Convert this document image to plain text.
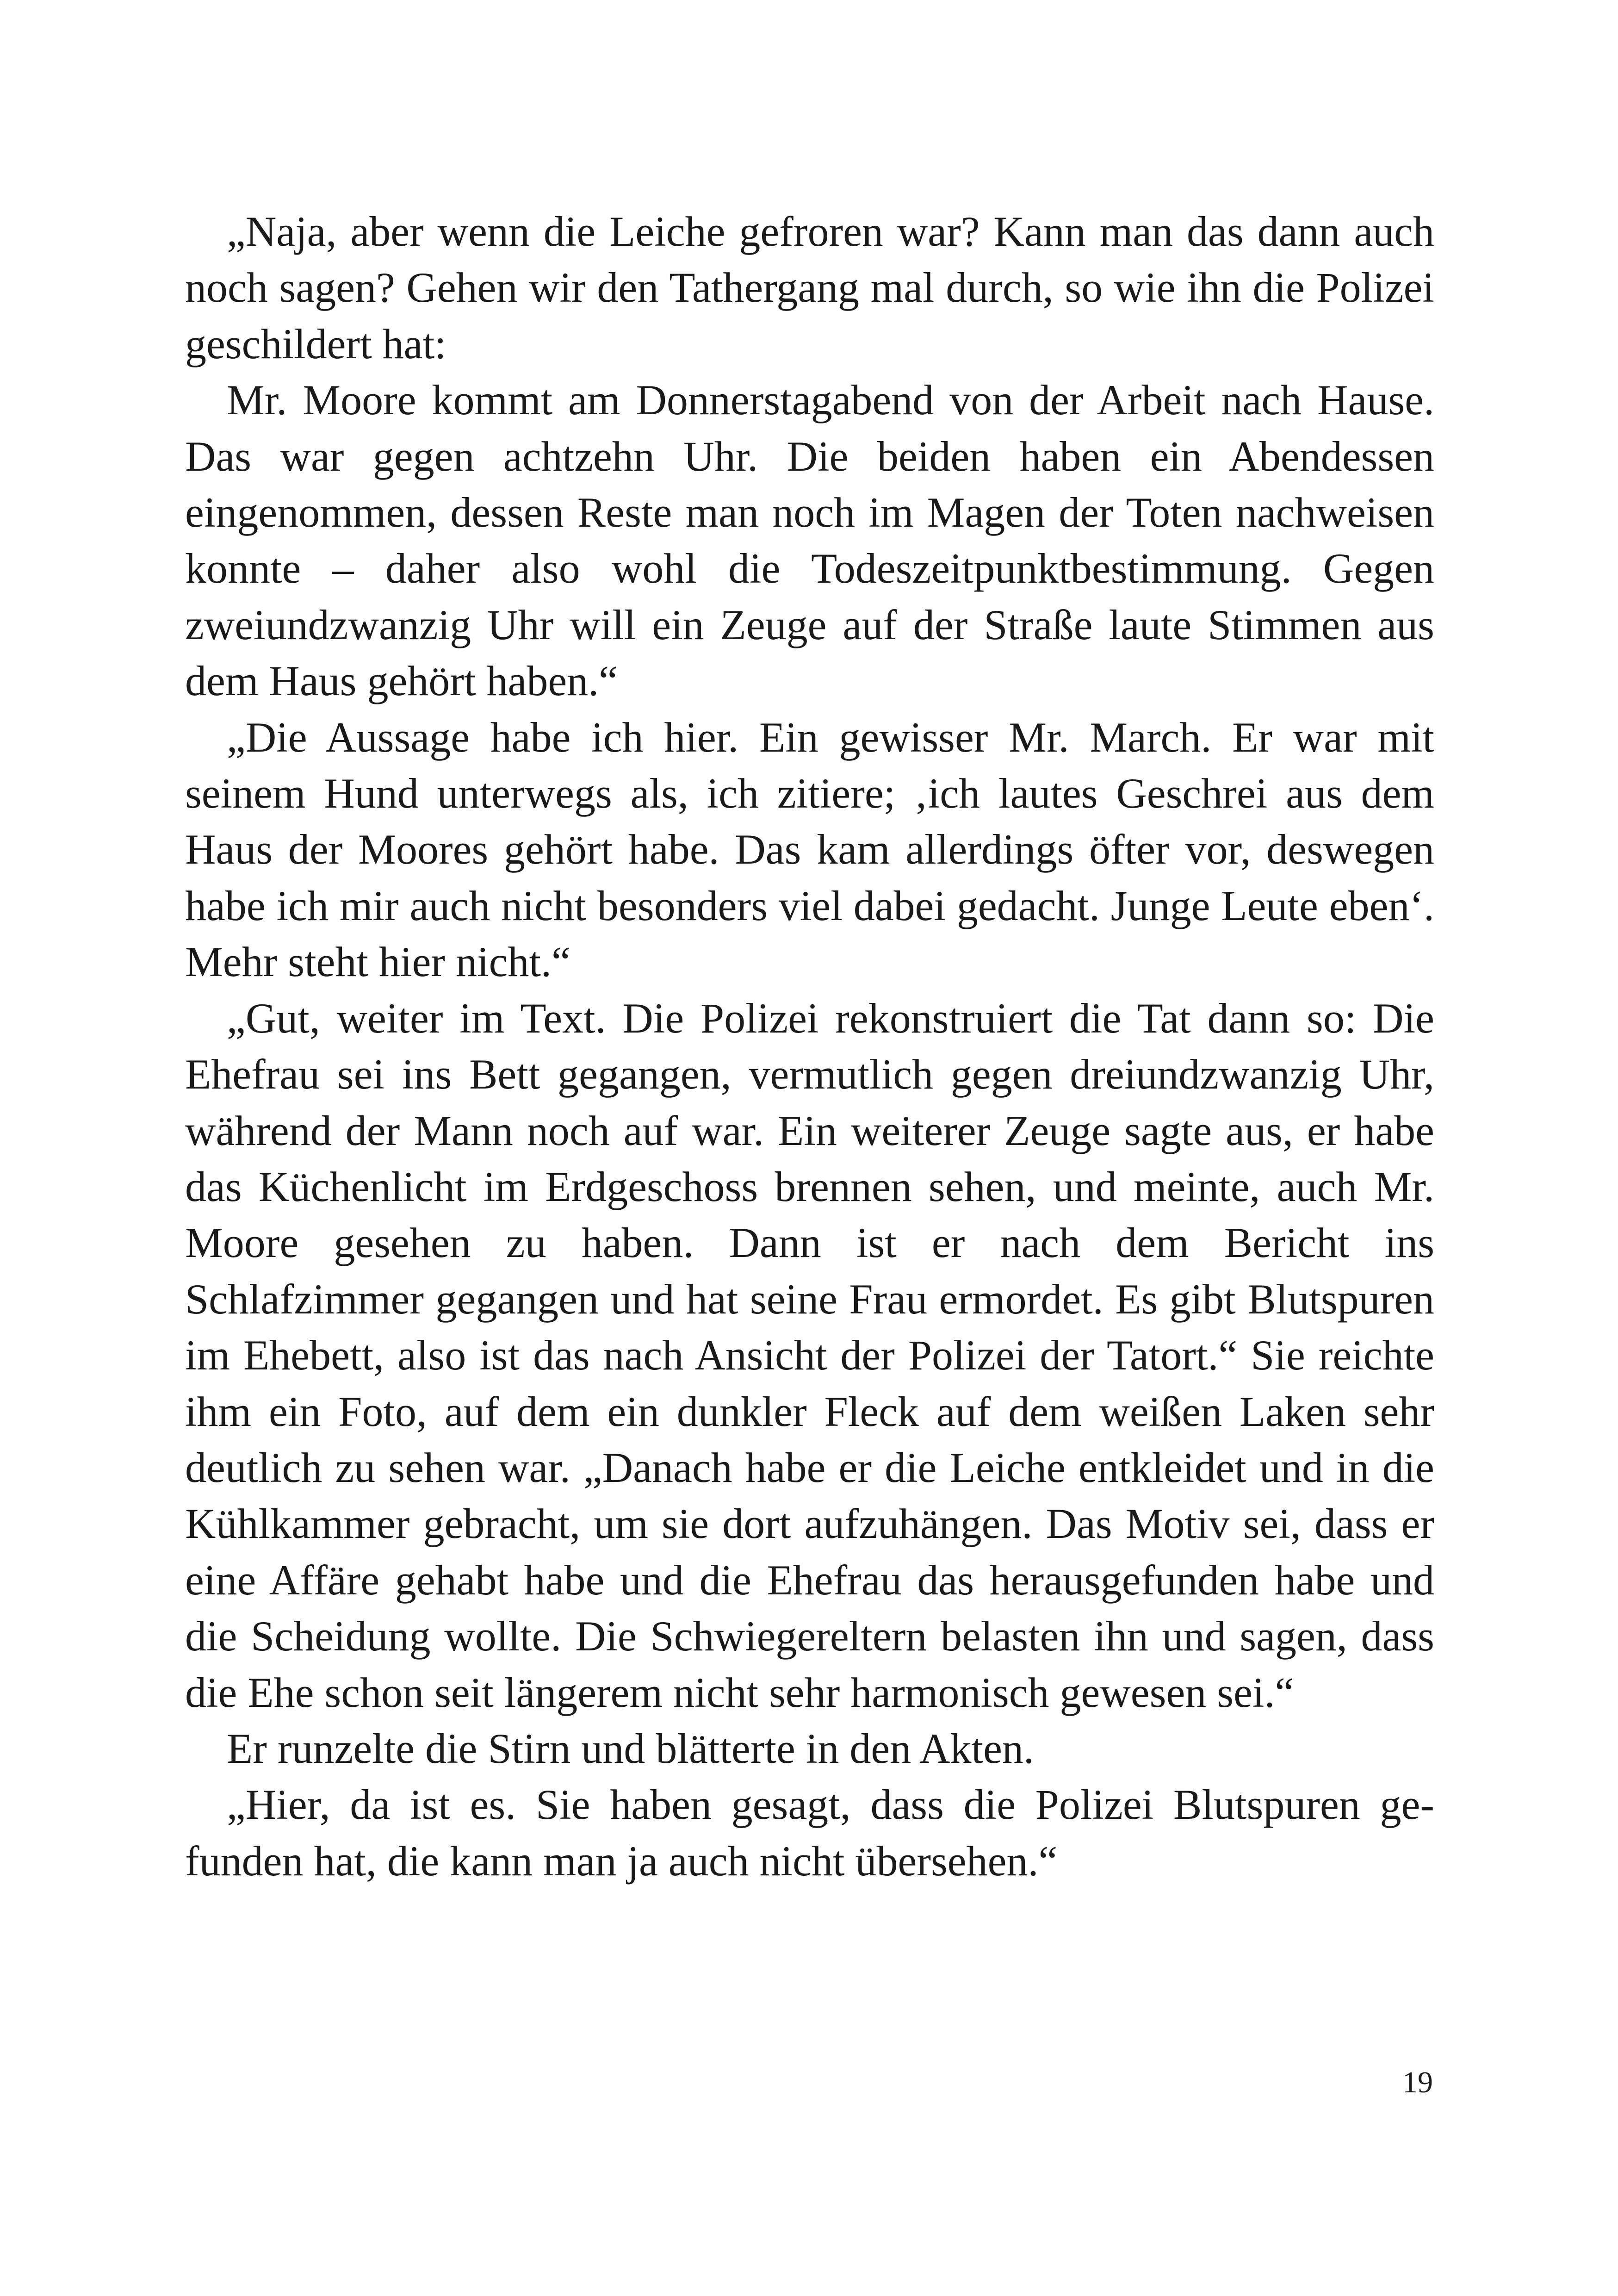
„Naja, aber wenn die Leiche gefroren war? Kann man das dann auch noch sagen? Gehen wir den Tathergang mal durch, so wie ihn die Polizei geschildert hat:

Mr. Moore kommt am Donnerstagabend von der Arbeit nach Hause. Das war gegen achtzehn Uhr. Die beiden haben ein Abendessen eingenommen, dessen Reste man noch im Magen der Toten nachweisen konnte – daher also wohl die Todeszeitpunktbestimmung. Gegen zweiundzwanzig Uhr will ein Zeuge auf der Straße laute Stimmen aus dem Haus gehört haben.“

„Die Aussage habe ich hier. Ein gewisser Mr. March. Er war mit seinem Hund unterwegs als, ich zitiere; ‚ich lautes Geschrei aus dem Haus der Moores gehört habe. Das kam allerdings öfter vor, deswegen habe ich mir auch nicht besonders viel dabei gedacht. Junge Leute eben‘. Mehr steht hier nicht.“

„Gut, weiter im Text. Die Polizei rekonstruiert die Tat dann so: Die Ehefrau sei ins Bett gegangen, vermutlich gegen dreiundzwanzig Uhr, während der Mann noch auf war. Ein weiterer Zeuge sagte aus, er habe das Küchenlicht im Erdgeschoss brennen sehen, und meinte, auch Mr. Moore gesehen zu haben. Dann ist er nach dem Bericht ins Schlafzimmer gegangen und hat seine Frau ermordet. Es gibt Blutspuren im Ehebett, also ist das nach Ansicht der Polizei der Tatort.“ Sie reichte ihm ein Foto, auf dem ein dunkler Fleck auf dem weißen Laken sehr deutlich zu sehen war. „Danach habe er die Leiche entkleidet und in die Kühlkammer gebracht, um sie dort aufzuhängen. Das Motiv sei, dass er eine Affäre gehabt habe und die Ehefrau das herausgefunden habe und die Scheidung wollte. Die Schwiegereltern belasten ihn und sagen, dass die Ehe schon seit längerem nicht sehr harmonisch gewesen sei.“

Er runzelte die Stirn und blätterte in den Akten.

„Hier, da ist es. Sie haben gesagt, dass die Polizei Blutspuren gefunden hat, die kann man ja auch nicht übersehen.“

19
